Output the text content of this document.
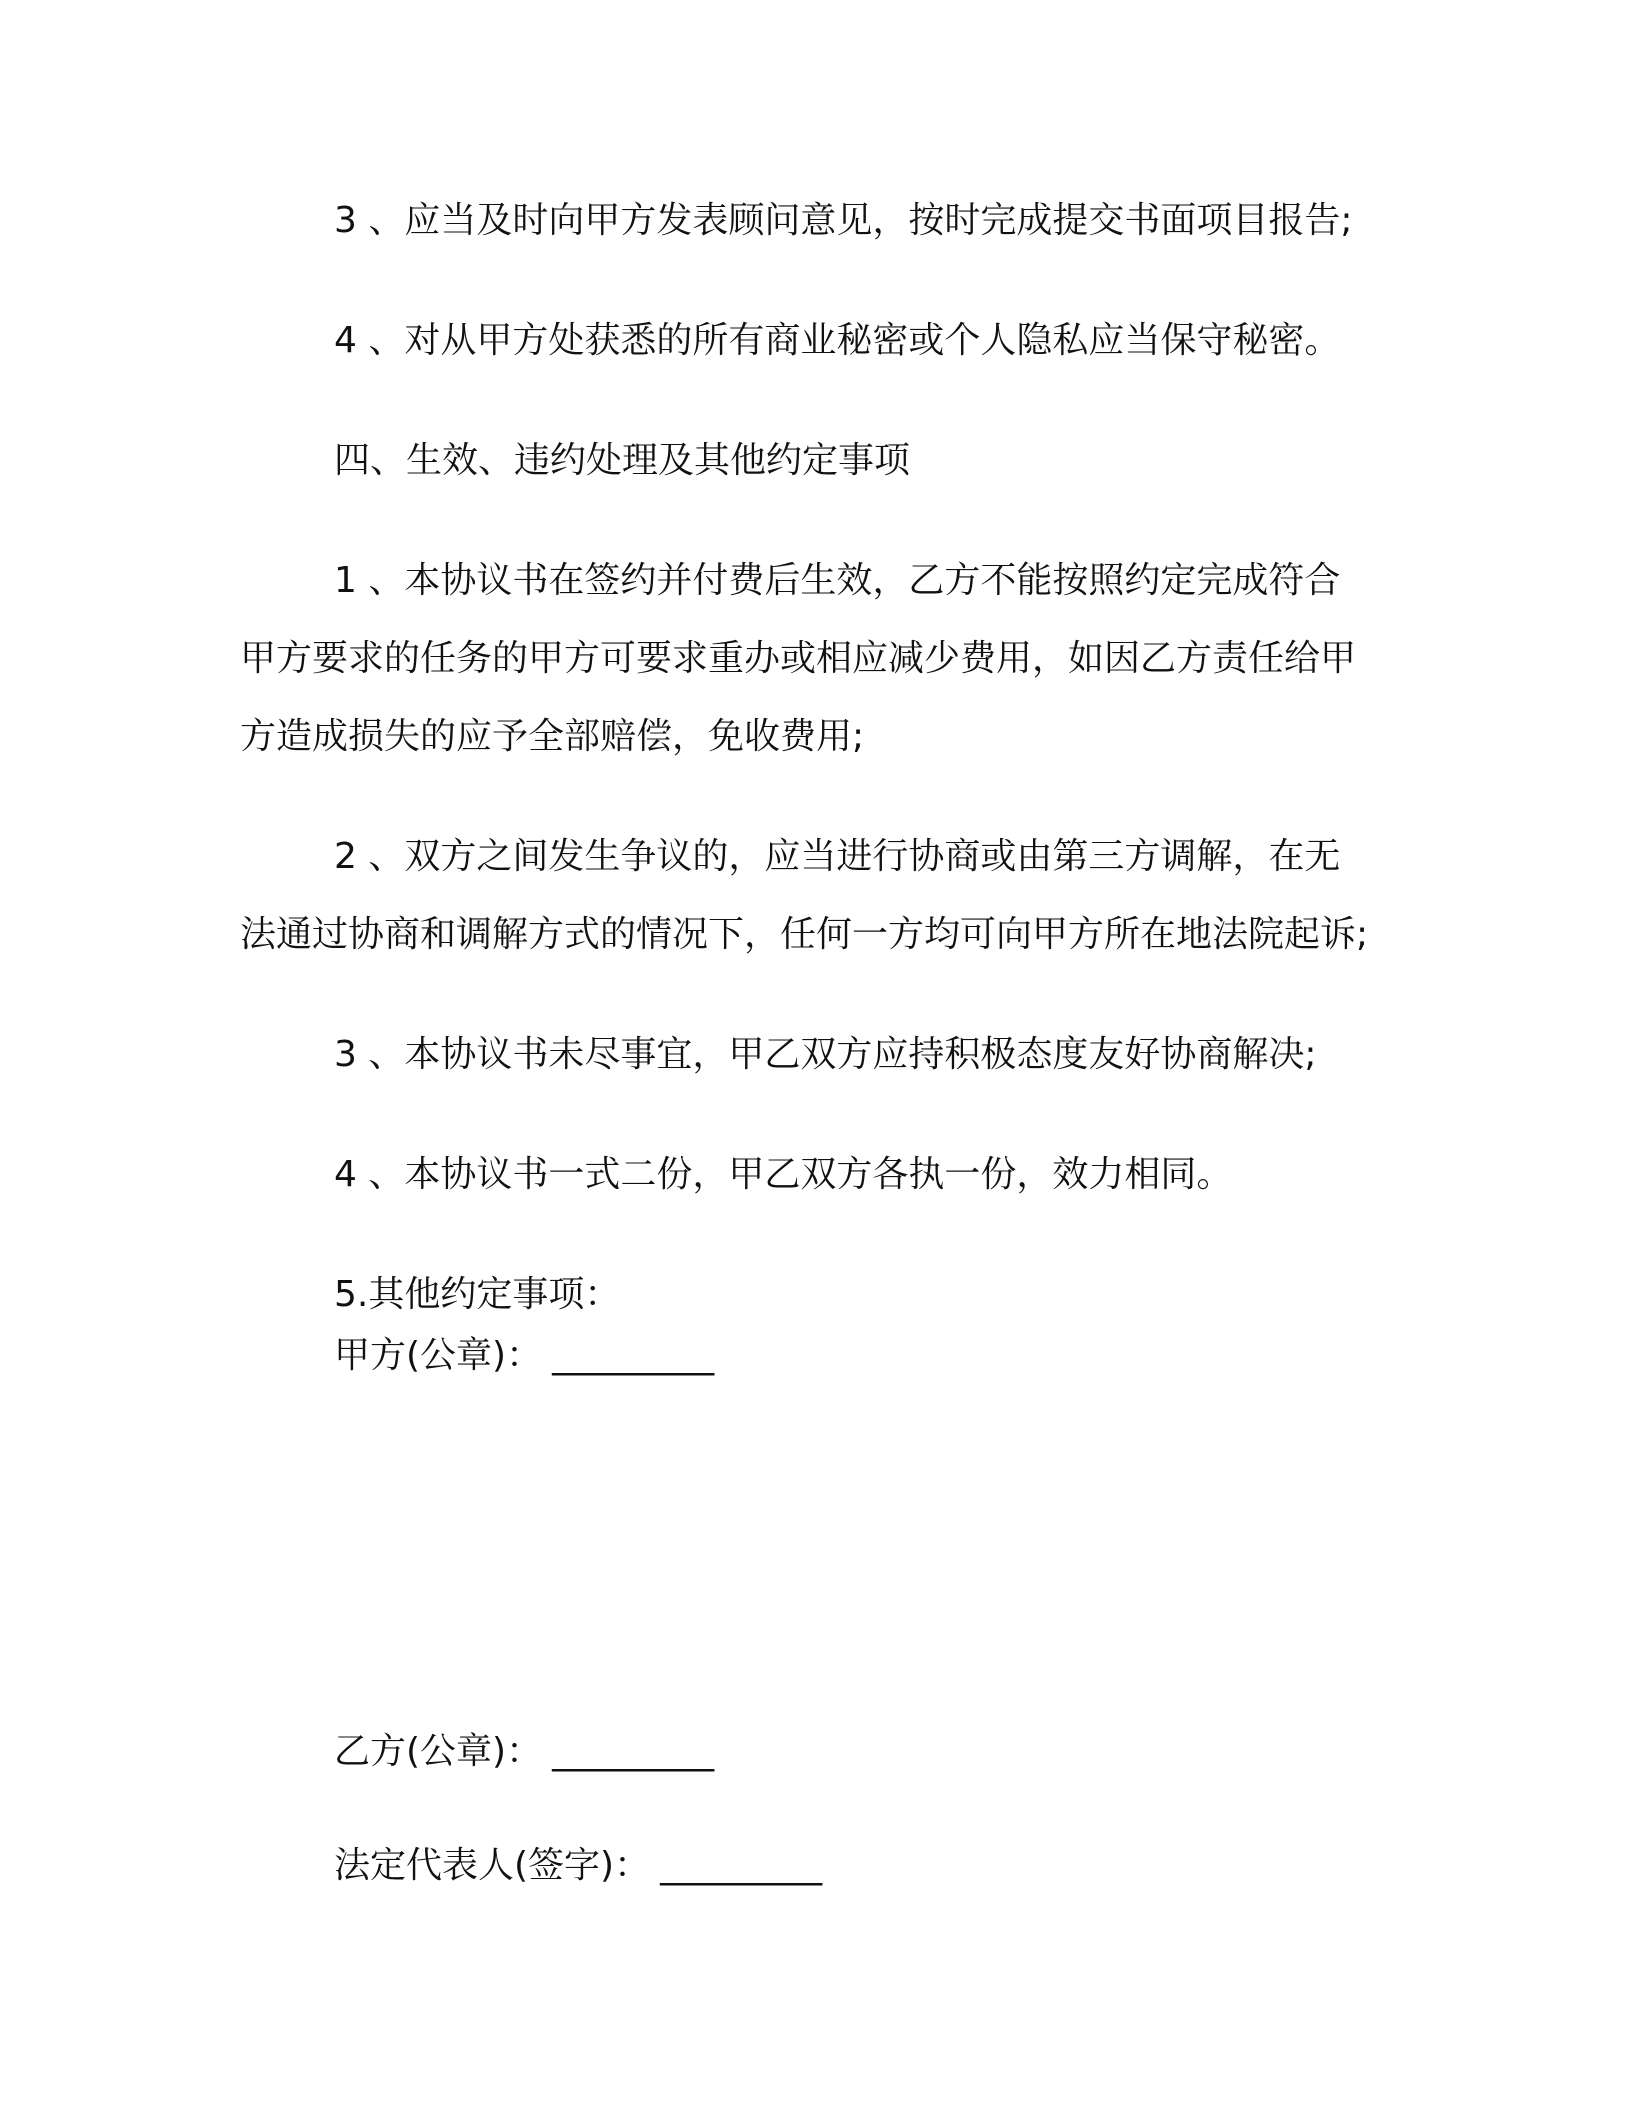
3 、应当及时向甲方发表顾问意见，按时完成提交书面项目报告;

4 、对从甲方处获悉的所有商业秘密或个人隐私应当保守秘密。

四、生效、违约处理及其他约定事项

1 、本协议书在签约并付费后生效，乙方不能按照约定完成符合甲方要求的任务的甲方可要求重办或相应减少费用，如因乙方责任给甲方造成损失的应予全部赔偿，免收费用;

2 、双方之间发生争议的，应当进行协商或由第三方调解，在无法通过协商和调解方式的情况下，任何一方均可向甲方所在地法院起诉;

3 、本协议书未尽事宜，甲乙双方应持积极态度友好协商解决;

4 、本协议书一式二份，甲乙双方各执一份，效力相同。

5.其他约定事项：

甲方(公章)： _________
乙方(公章)： _________
法定代表人(签字)： _________
